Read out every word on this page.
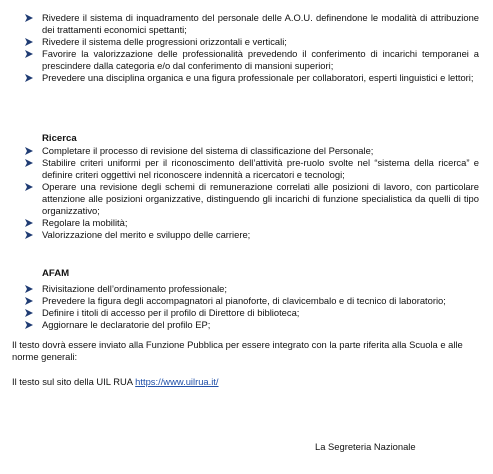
Rivedere il sistema di inquadramento del personale delle A.O.U. definendone le modalità di attribuzione dei trattamenti economici spettanti;
Rivedere il sistema delle progressioni orizzontali e verticali;
Favorire la valorizzazione delle professionalità prevedendo il conferimento di incarichi temporanei a prescindere dalla categoria e/o dal conferimento di mansioni superiori;
Prevedere una disciplina organica e una figura professionale per collaboratori, esperti linguistici e lettori;
Ricerca
Completare il processo di revisione del sistema di classificazione del Personale;
Stabilire criteri uniformi per il riconoscimento dell’attività pre-ruolo svolte nel “sistema della ricerca” e definire criteri oggettivi nel riconoscere indennità a ricercatori e tecnologi;
Operare una revisione degli schemi di remunerazione correlati alle posizioni di lavoro, con particolare attenzione alle posizioni organizzative, distinguendo gli incarichi di funzione specialistica da quelli di tipo organizzativo;
Regolare la mobilità;
Valorizzazione del merito e sviluppo delle carriere;
AFAM
Rivisitazione dell’ordinamento professionale;
Prevedere la figura degli accompagnatori al pianoforte, di clavicembalo e di tecnico di laboratorio;
Definire i titoli di accesso per il profilo di Direttore di biblioteca;
Aggiornare le declaratorie del profilo EP;
Il testo dovrà essere inviato alla Funzione Pubblica per essere integrato con la parte riferita alla Scuola e alle norme generali:
Il testo sul sito della UIL RUA https://www.uilrua.it/
La Segreteria Nazionale
